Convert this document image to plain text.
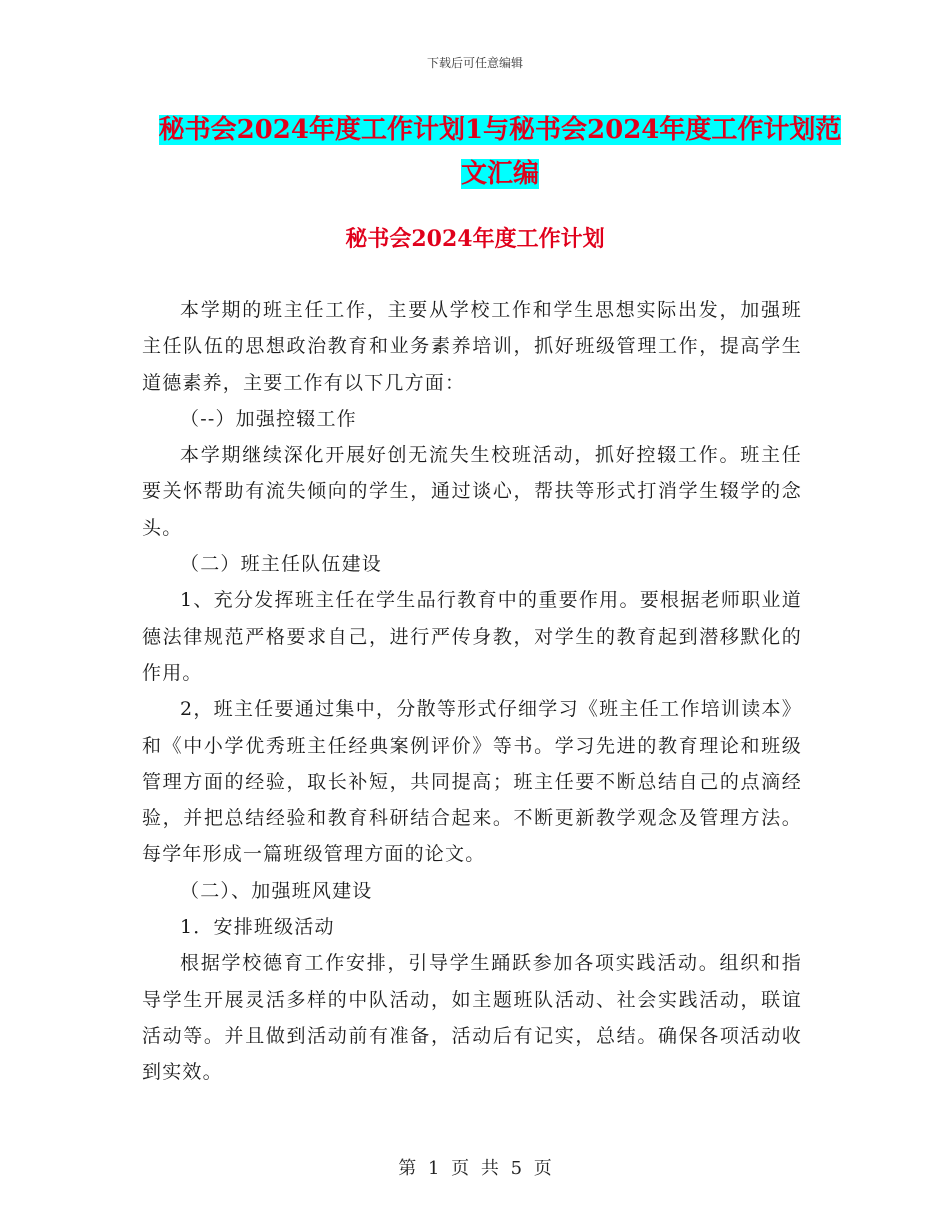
下载后可任意编辑
秘书会2024年度工作计划1与秘书会2024年度工作计划范文汇编
秘书会2024年度工作计划

本学期的班主任工作，主要从学校工作和学生思想实际出发，加强班主任队伍的思想政治教育和业务素养培训，抓好班级管理工作，提高学生道德素养，主要工作有以下几方面：

（--）加强控辍工作

本学期继续深化开展好创无流失生校班活动，抓好控辍工作。班主任要关怀帮助有流失倾向的学生，通过谈心，帮扶等形式打消学生辍学的念头。

（二）班主任队伍建设

1、充分发挥班主任在学生品行教育中的重要作用。要根据老师职业道德法律规范严格要求自己，进行严传身教，对学生的教育起到潜移默化的作用。

2，班主任要通过集中，分散等形式仔细学习《班主任工作培训读本》和《中小学优秀班主任经典案例评价》等书。学习先进的教育理论和班级管理方面的经验，取长补短，共同提高；班主任要不断总结自己的点滴经验，并把总结经验和教育科研结合起来。不断更新教学观念及管理方法。每学年形成一篇班级管理方面的论文。

（二）、加强班风建设

1．安排班级活动

根据学校德育工作安排，引导学生踊跃参加各项实践活动。组织和指导学生开展灵活多样的中队活动，如主题班队活动、社会实践活动，联谊活动等。并且做到活动前有准备，活动后有记实，总结。确保各项活动收到实效。

第 1 页 共 5 页
